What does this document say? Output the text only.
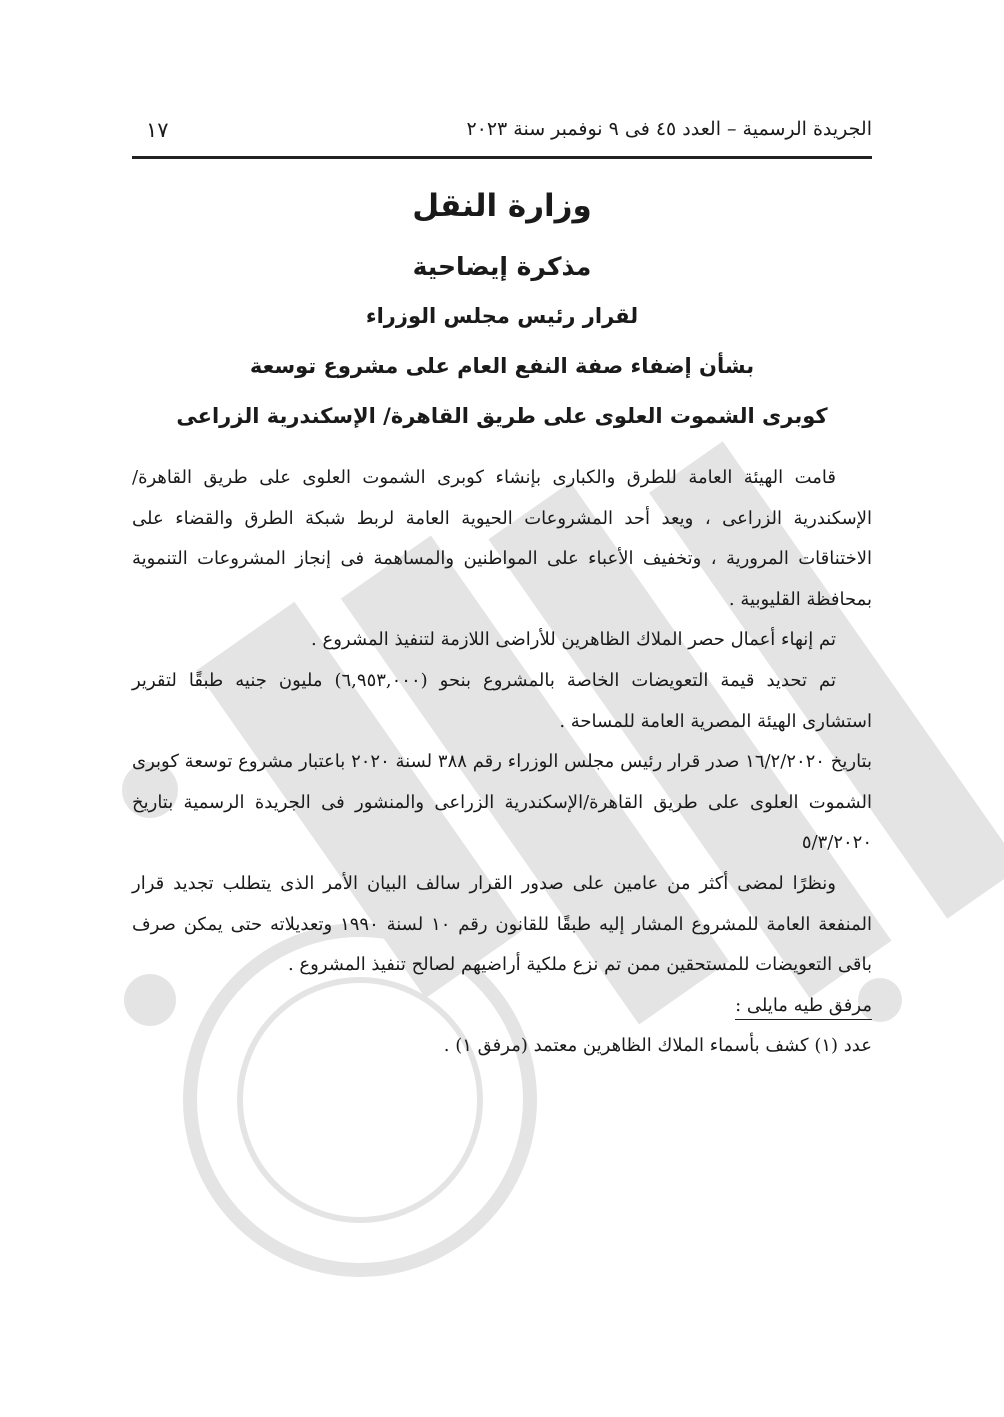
الجريدة الرسمية – العدد ٤٥ فى ٩ نوفمبر سنة ٢٠٢٣
١٧
وزارة النقل
مذكرة إيضاحية
لقرار رئيس مجلس الوزراء
بشأن إضفاء صفة النفع العام على مشروع توسعة
كوبرى الشموت العلوى على طريق القاهرة/ الإسكندرية الزراعى

قامت الهيئة العامة للطرق والكبارى بإنشاء كوبرى الشموت العلوى على طريق القاهرة/الإسكندرية الزراعى ، ويعد أحد المشروعات الحيوية العامة لربط شبكة الطرق والقضاء على الاختناقات المرورية ، وتخفيف الأعباء على المواطنين والمساهمة فى إنجاز المشروعات التنموية بمحافظة القليوبية .

تم إنهاء أعمال حصر الملاك الظاهرين للأراضى اللازمة لتنفيذ المشروع .

تم تحديد قيمة التعويضات الخاصة بالمشروع بنحو (٦,٩٥٣,٠٠٠) مليون جنيه طبقًا لتقرير استشارى الهيئة المصرية العامة للمساحة .

بتاريخ ١٦/٢/٢٠٢٠ صدر قرار رئيس مجلس الوزراء رقم ٣٨٨ لسنة ٢٠٢٠ باعتبار مشروع توسعة كوبرى الشموت العلوى على طريق القاهرة/الإسكندرية الزراعى والمنشور فى الجريدة الرسمية بتاريخ ٥/٣/٢٠٢٠

ونظرًا لمضى أكثر من عامين على صدور القرار سالف البيان الأمر الذى يتطلب تجديد قرار المنفعة العامة للمشروع المشار إليه طبقًا للقانون رقم ١٠ لسنة ١٩٩٠ وتعديلاته حتى يمكن صرف باقى التعويضات للمستحقين ممن تم نزع ملكية أراضيهم لصالح تنفيذ المشروع .

مرفق طيه مايلى :

عدد (١) كشف بأسماء الملاك الظاهرين معتمد (مرفق ١) .
